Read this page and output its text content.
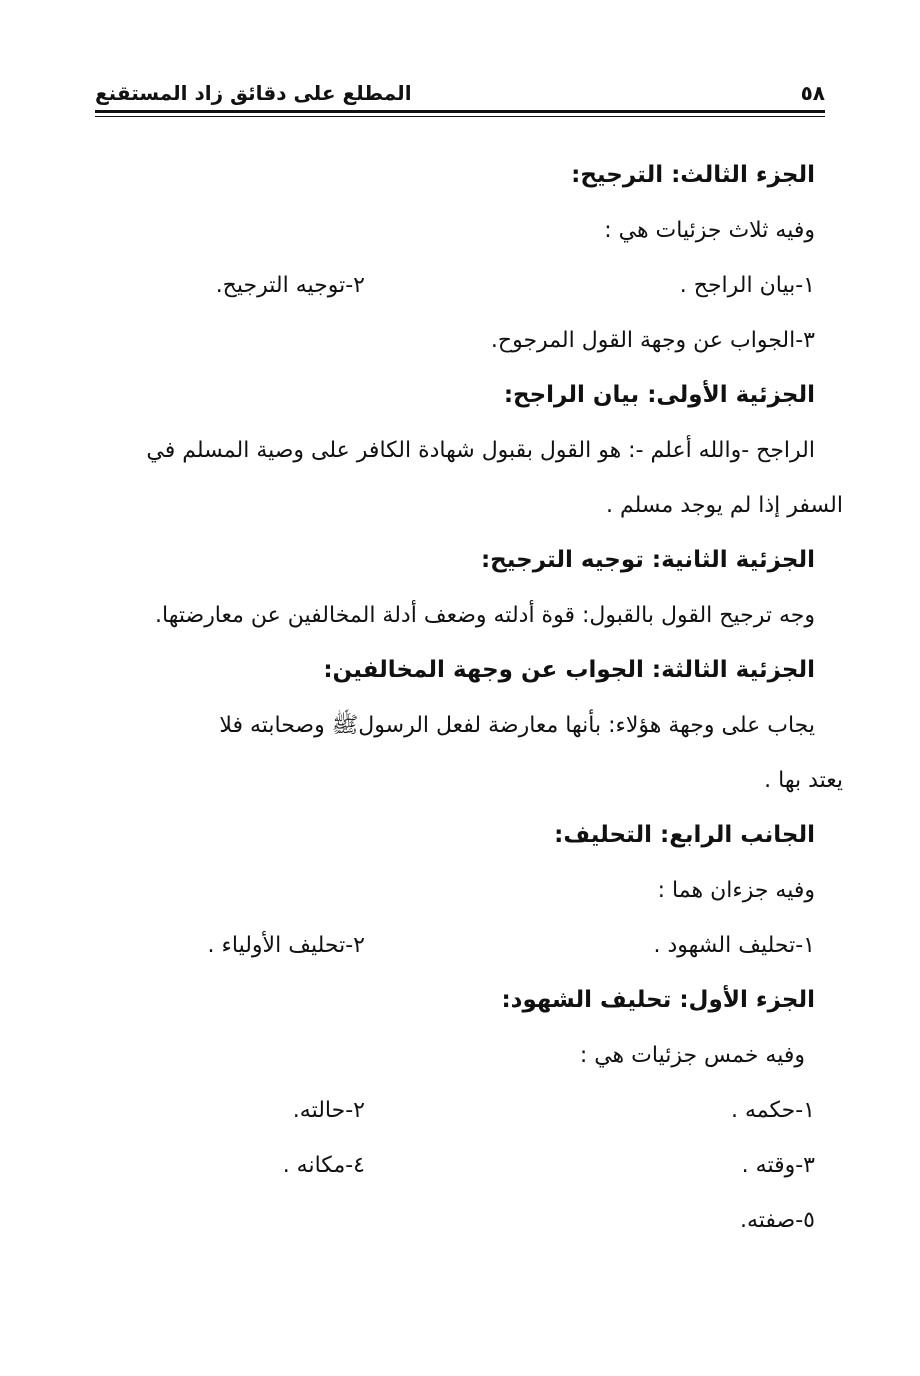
٥٨
المطلع على دقائق زاد المستقنع
الجزء الثالث: الترجيح:
وفيه ثلاث جزئيات هي :
١-بيان الراجح .
٢-توجيه الترجيح.
٣-الجواب عن وجهة القول المرجوح.
الجزئية الأولى: بيان الراجح:
الراجح -والله أعلم -: هو القول بقبول شهادة الكافر على وصية المسلم في
السفر إذا لم يوجد مسلم .
الجزئية الثانية: توجيه الترجيح:
وجه ترجيح القول بالقبول: قوة أدلته وضعف أدلة المخالفين عن معارضتها.
الجزئية الثالثة: الجواب عن وجهة المخالفين:
يجاب على وجهة هؤلاء: بأنها معارضة لفعل الرسولﷺ وصحابته فلا
يعتد بها .
الجانب الرابع: التحليف:
وفيه جزءان هما :
١-تحليف الشهود .
٢-تحليف الأولياء .
الجزء الأول: تحليف الشهود:
وفيه خمس جزئيات هي :
١-حكمه .
٢-حالته.
٣-وقته .
٤-مكانه .
٥-صفته.
